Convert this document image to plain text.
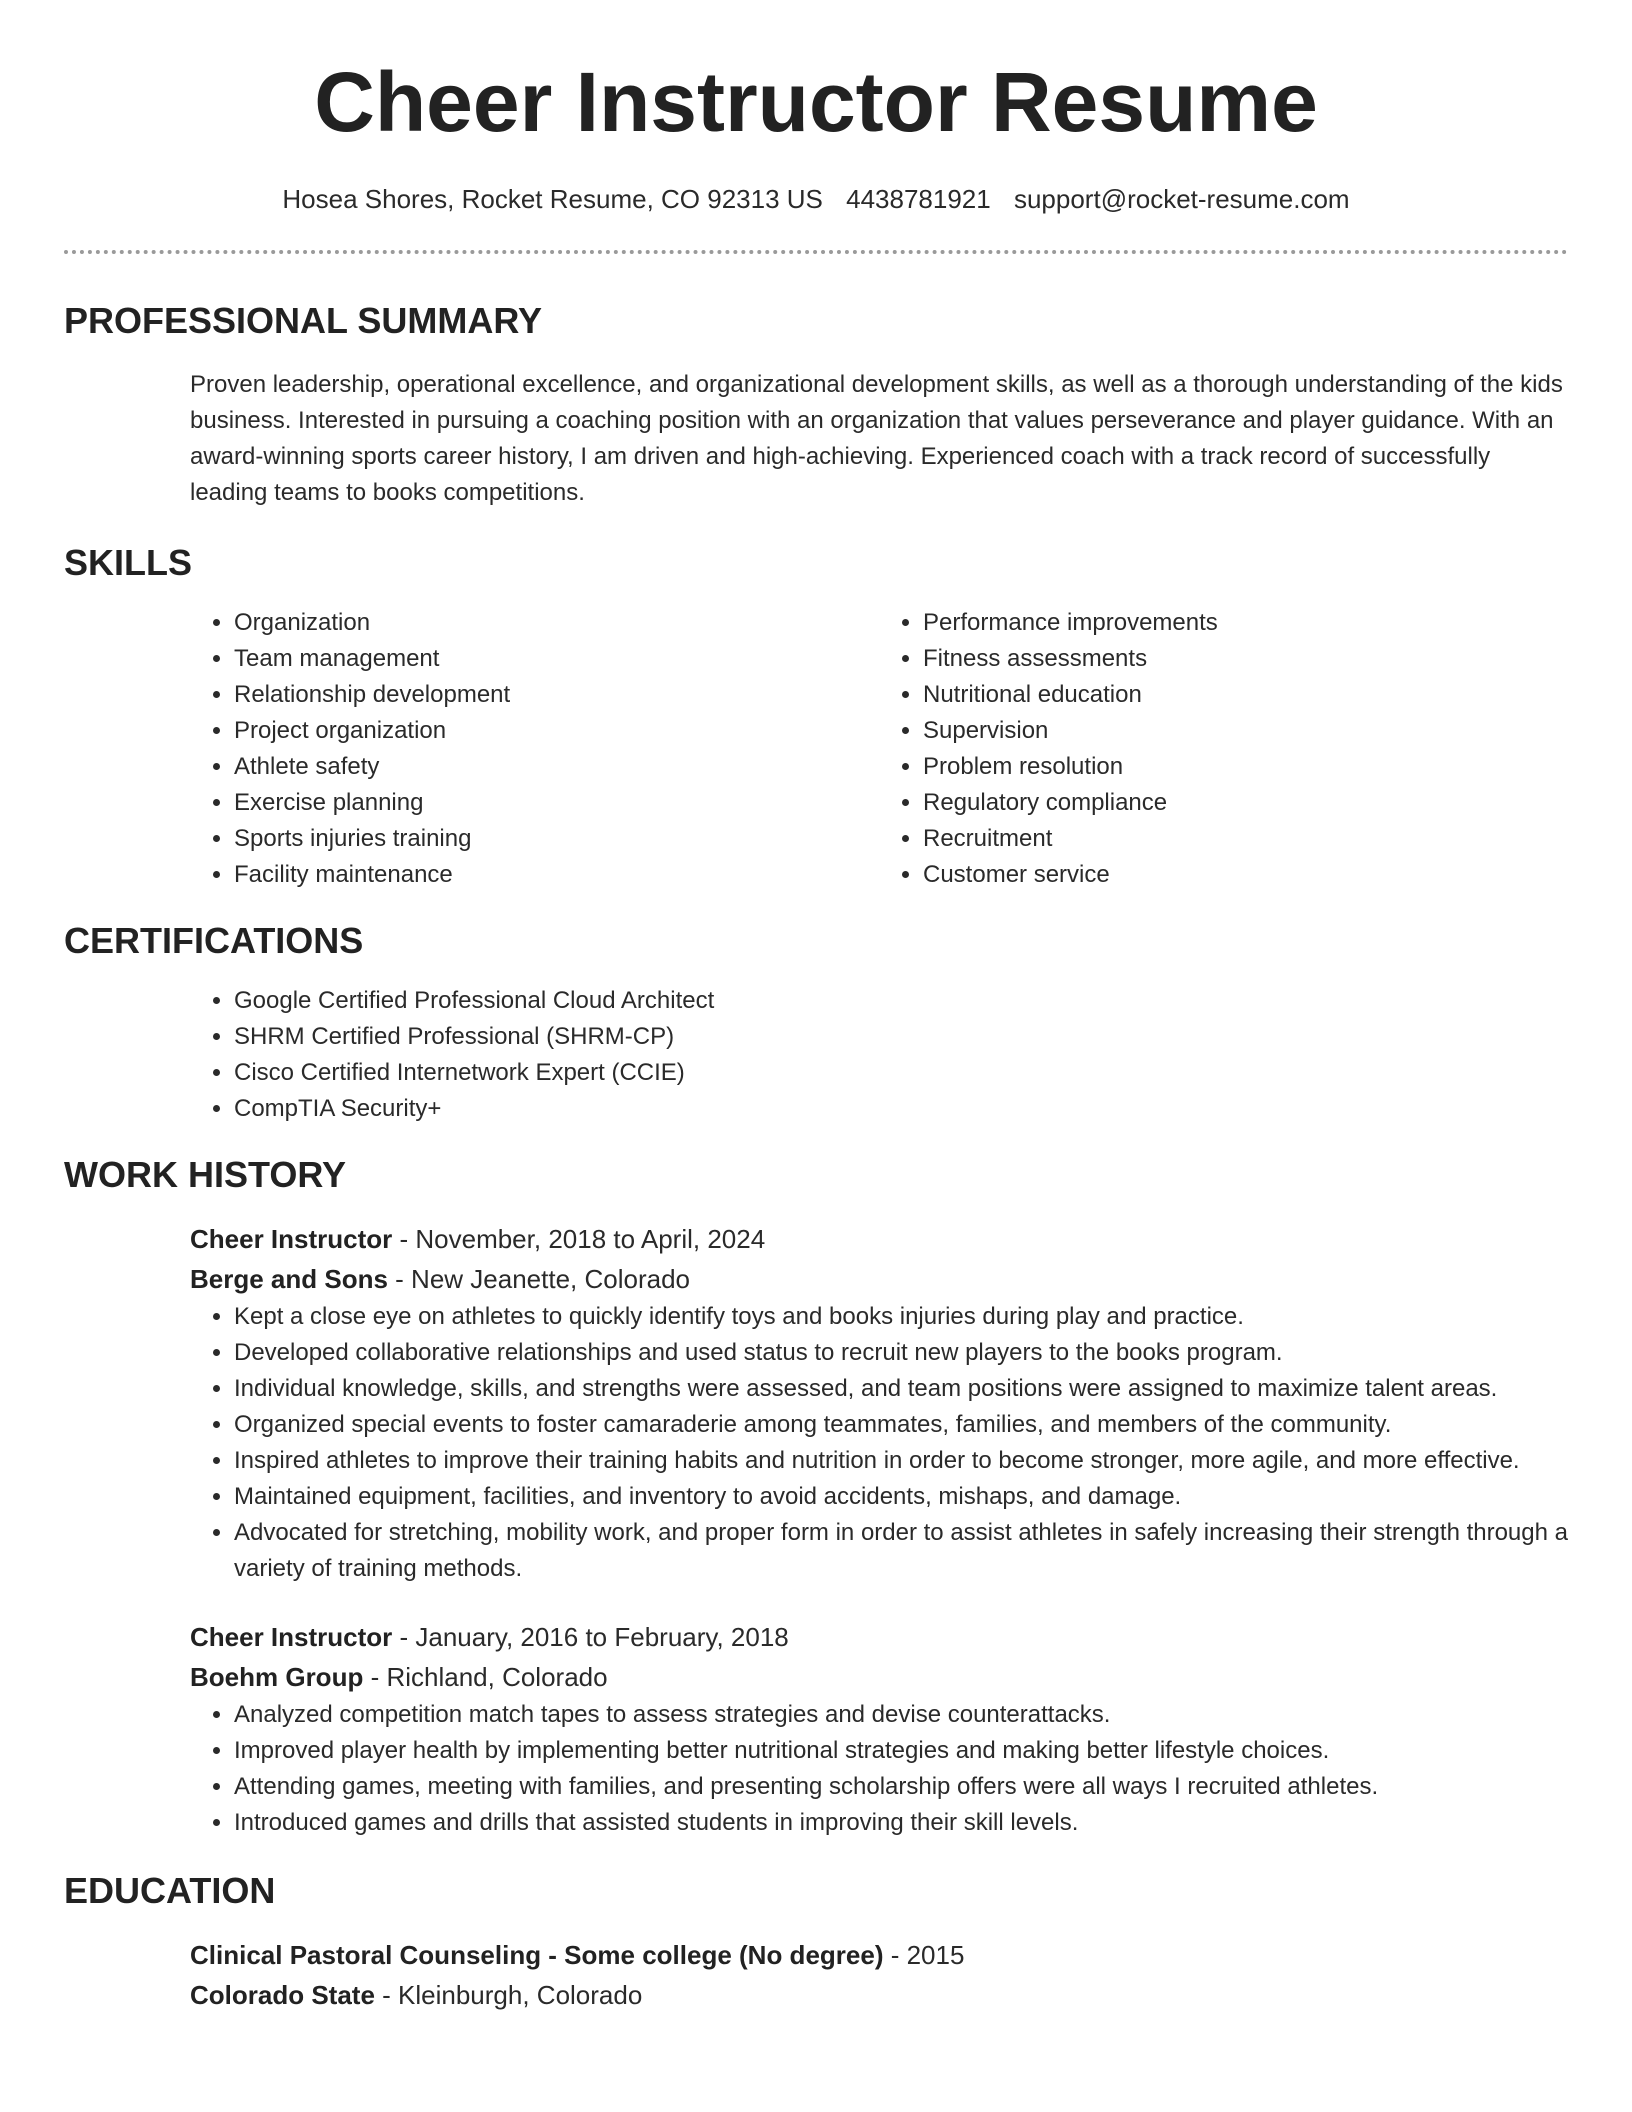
Cheer Instructor Resume
Hosea Shores, Rocket Resume, CO 92313 US 4438781921 support@rocket-resume.com
PROFESSIONAL SUMMARY
Proven leadership, operational excellence, and organizational development skills, as well as a thorough understanding of the kids business. Interested in pursuing a coaching position with an organization that values perseverance and player guidance. With an award-winning sports career history, I am driven and high-achieving. Experienced coach with a track record of successfully leading teams to books competitions.
SKILLS
• Organization
• Team management
• Relationship development
• Project organization
• Athlete safety
• Exercise planning
• Sports injuries training
• Facility maintenance
• Performance improvements
• Fitness assessments
• Nutritional education
• Supervision
• Problem resolution
• Regulatory compliance
• Recruitment
• Customer service
CERTIFICATIONS
• Google Certified Professional Cloud Architect
• SHRM Certified Professional (SHRM-CP)
• Cisco Certified Internetwork Expert (CCIE)
• CompTIA Security+
WORK HISTORY
Cheer Instructor - November, 2018 to April, 2024
Berge and Sons - New Jeanette, Colorado
• Kept a close eye on athletes to quickly identify toys and books injuries during play and practice.
• Developed collaborative relationships and used status to recruit new players to the books program.
• Individual knowledge, skills, and strengths were assessed, and team positions were assigned to maximize talent areas.
• Organized special events to foster camaraderie among teammates, families, and members of the community.
• Inspired athletes to improve their training habits and nutrition in order to become stronger, more agile, and more effective.
• Maintained equipment, facilities, and inventory to avoid accidents, mishaps, and damage.
• Advocated for stretching, mobility work, and proper form in order to assist athletes in safely increasing their strength through a variety of training methods.
Cheer Instructor - January, 2016 to February, 2018
Boehm Group - Richland, Colorado
• Analyzed competition match tapes to assess strategies and devise counterattacks.
• Improved player health by implementing better nutritional strategies and making better lifestyle choices.
• Attending games, meeting with families, and presenting scholarship offers were all ways I recruited athletes.
• Introduced games and drills that assisted students in improving their skill levels.
EDUCATION
Clinical Pastoral Counseling - Some college (No degree) - 2015
Colorado State - Kleinburgh, Colorado
